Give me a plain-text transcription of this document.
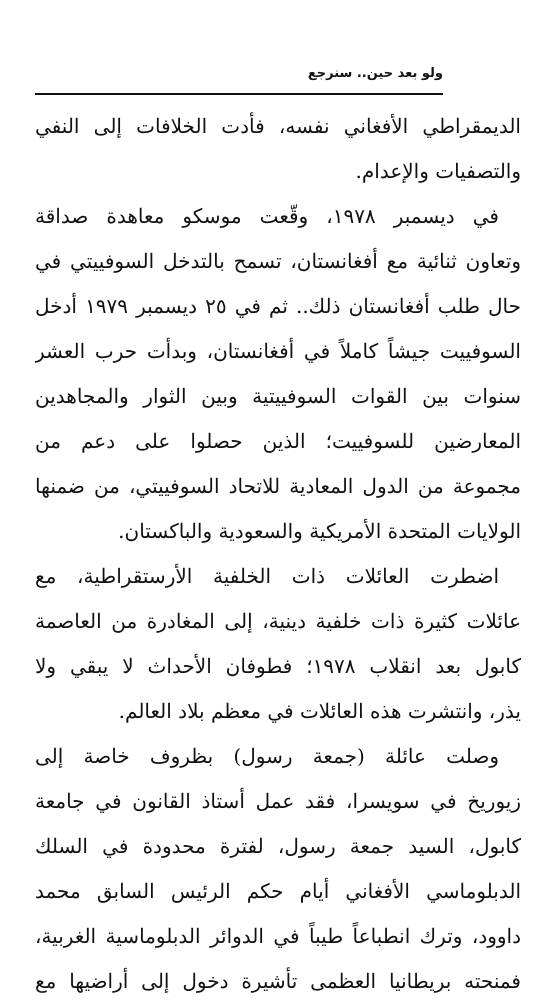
ولو بعد حين.. سنرجع
الديمقراطي الأفغاني نفسه، فأدت الخلافات إلى النفي
والتصفيات والإعدام.
في ديسمبر ١٩٧٨، وقّعت موسكو معاهدة صداقة
وتعاون ثنائية مع أفغانستان، تسمح بالتدخل السوفييتي في
حال طلب أفغانستان ذلك.. ثم في ٢٥ ديسمبر ١٩٧٩ أدخل
السوفييت جيشاً كاملاً في أفغانستان، وبدأت حرب العشر
سنوات بين القوات السوفييتية وبين الثوار والمجاهدين
المعارضين للسوفييت؛ الذين حصلوا على دعم من
مجموعة من الدول المعادية للاتحاد السوفييتي، من ضمنها
الولايات المتحدة الأمريكية والسعودية والباكستان.
اضطرت العائلات ذات الخلفية الأرستقراطية، مع
عائلات كثيرة ذات خلفية دينية، إلى المغادرة من العاصمة
كابول بعد انقلاب ١٩٧٨؛ فطوفان الأحداث لا يبقي ولا
يذر، وانتشرت هذه العائلات في معظم بلاد العالم.
وصلت عائلة (جمعة رسول) بظروف خاصة إلى
زيوريخ في سويسرا، فقد عمل أستاذ القانون في جامعة
كابول، السيد جمعة رسول، لفترة محدودة في السلك
الدبلوماسي الأفغاني أيام حكم الرئيس السابق محمد
داوود، وترك انطباعاً طيباً في الدوائر الدبلوماسية الغربية،
فمنحته بريطانيا العظمى تأشيرة دخول إلى أراضيها مع
